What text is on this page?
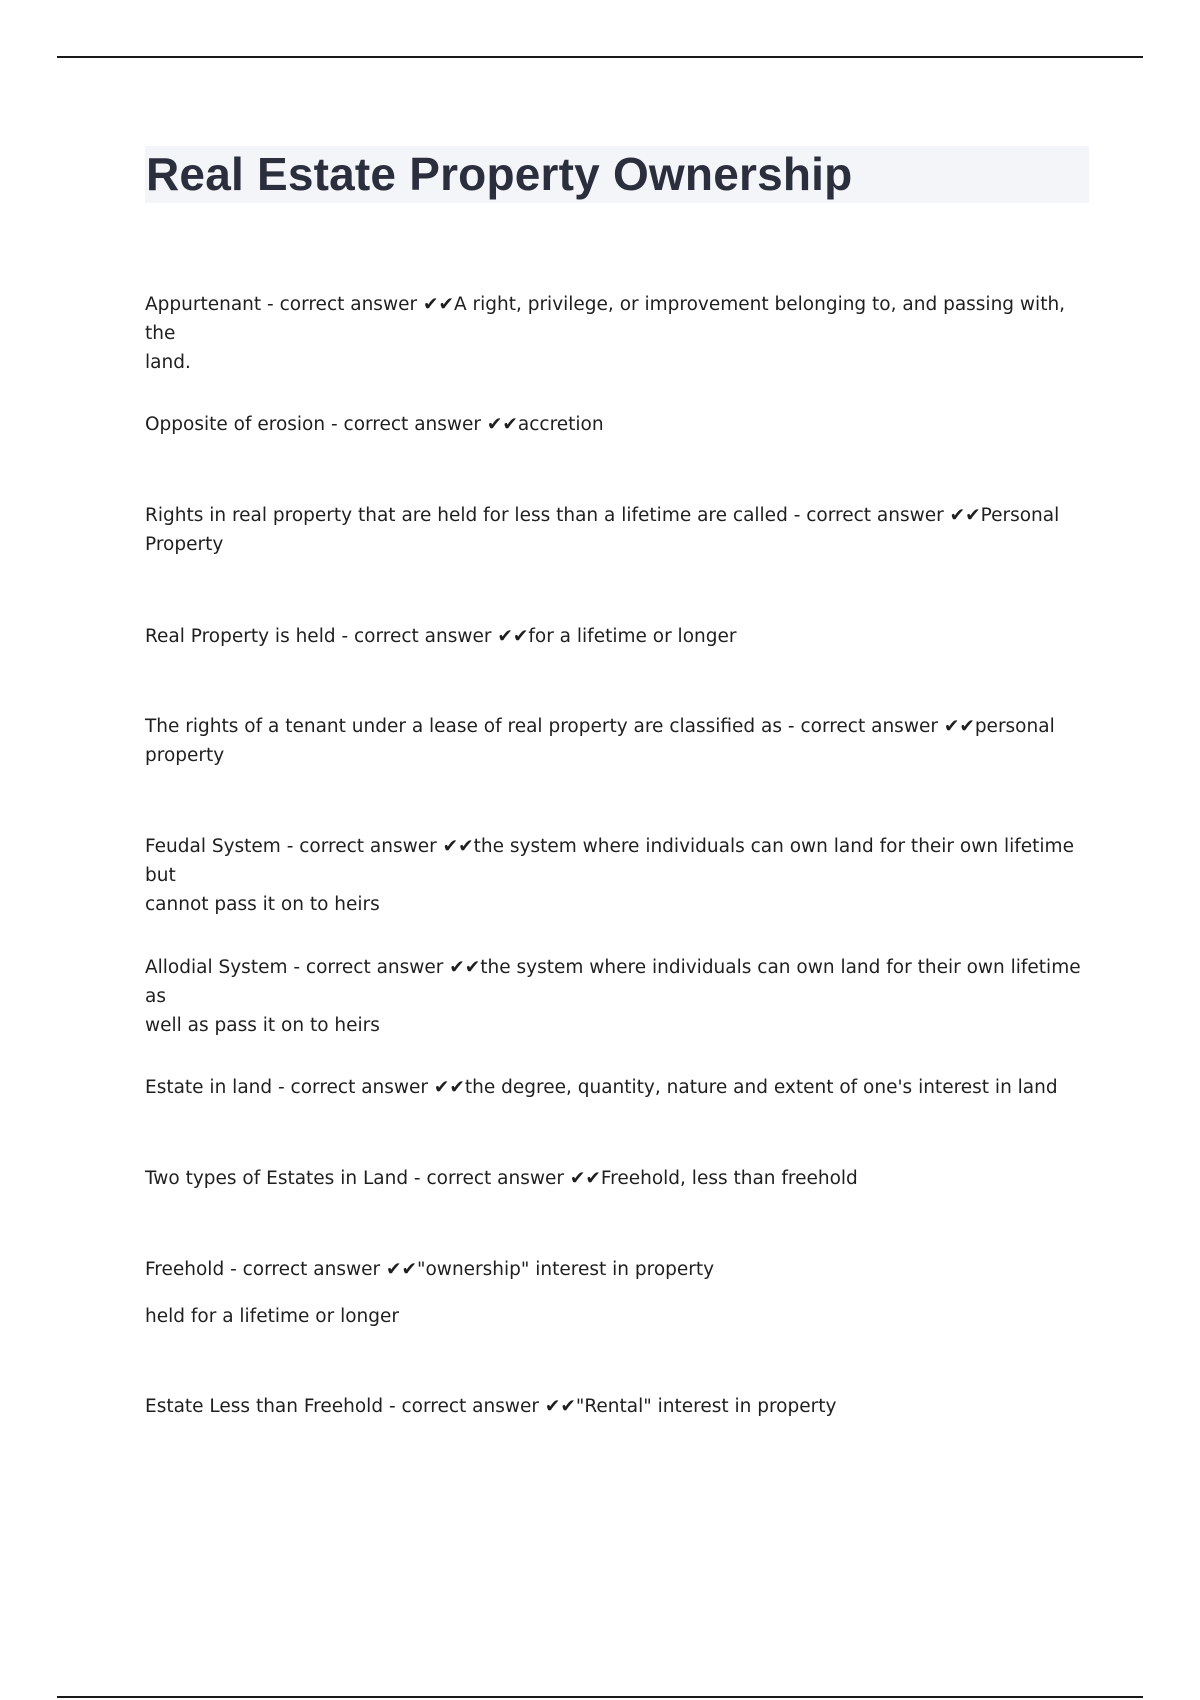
Real Estate Property Ownership

Appurtenant - correct answer ✔✔A right, privilege, or improvement belonging to, and passing with, the
land.

Opposite of erosion - correct answer ✔✔accretion

Rights in real property that are held for less than a lifetime are called - correct answer ✔✔Personal
Property

Real Property is held - correct answer ✔✔for a lifetime or longer

The rights of a tenant under a lease of real property are classified as - correct answer ✔✔personal
property

Feudal System - correct answer ✔✔the system where individuals can own land for their own lifetime but
cannot pass it on to heirs

Allodial System - correct answer ✔✔the system where individuals can own land for their own lifetime as
well as pass it on to heirs

Estate in land - correct answer ✔✔the degree, quantity, nature and extent of one's interest in land

Two types of Estates in Land - correct answer ✔✔Freehold, less than freehold

Freehold - correct answer ✔✔"ownership" interest in property
held for a lifetime or longer

Estate Less than Freehold - correct answer ✔✔"Rental" interest in property
